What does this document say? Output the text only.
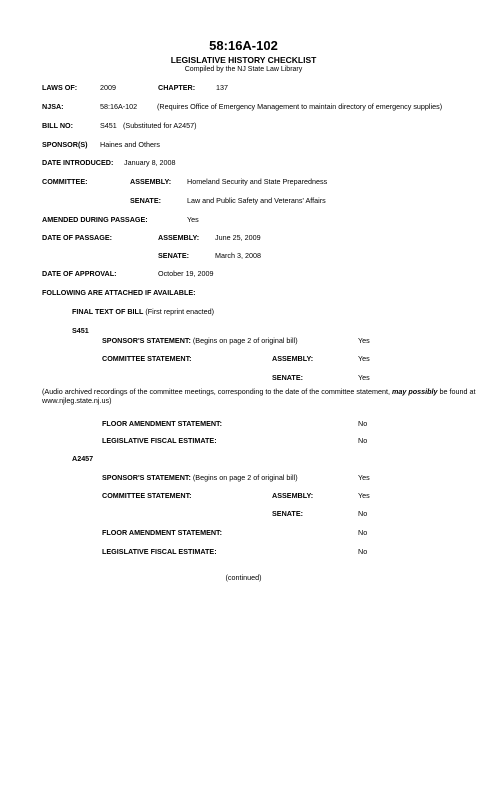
58:16A-102
LEGISLATIVE HISTORY CHECKLIST
Compiled by the NJ State Law Library
LAWS OF:	2009	CHAPTER:	137
NJSA:	58:16A-102	(Requires Office of Emergency Management to maintain directory of emergency supplies)
BILL NO:	S451 (Substituted for A2457)
SPONSOR(S) Haines and Others
DATE INTRODUCED: January 8, 2008
COMMITTEE:	ASSEMBLY: Homeland Security and State Preparedness
SENATE:	Law and Public Safety and Veterans' Affairs
AMENDED DURING PASSAGE:	Yes
DATE OF PASSAGE:	ASSEMBLY: June 25, 2009
SENATE:	March 3, 2008
DATE OF APPROVAL:	October 19, 2009
FOLLOWING ARE ATTACHED IF AVAILABLE:
FINAL TEXT OF BILL (First reprint enacted)
S451
SPONSOR'S STATEMENT: (Begins on page 2 of original bill)	Yes
COMMITTEE STATEMENT:	ASSEMBLY:	Yes
SENATE:	Yes
(Audio archived recordings of the committee meetings, corresponding to the date of the committee statement, may possibly be found at www.njleg.state.nj.us)
FLOOR AMENDMENT STATEMENT:	No
LEGISLATIVE FISCAL ESTIMATE:	No
A2457
SPONSOR'S STATEMENT: (Begins on page 2 of original bill)	Yes
COMMITTEE STATEMENT:	ASSEMBLY:	Yes
SENATE:	No
FLOOR AMENDMENT STATEMENT:	No
LEGISLATIVE FISCAL ESTIMATE:	No
(continued)
